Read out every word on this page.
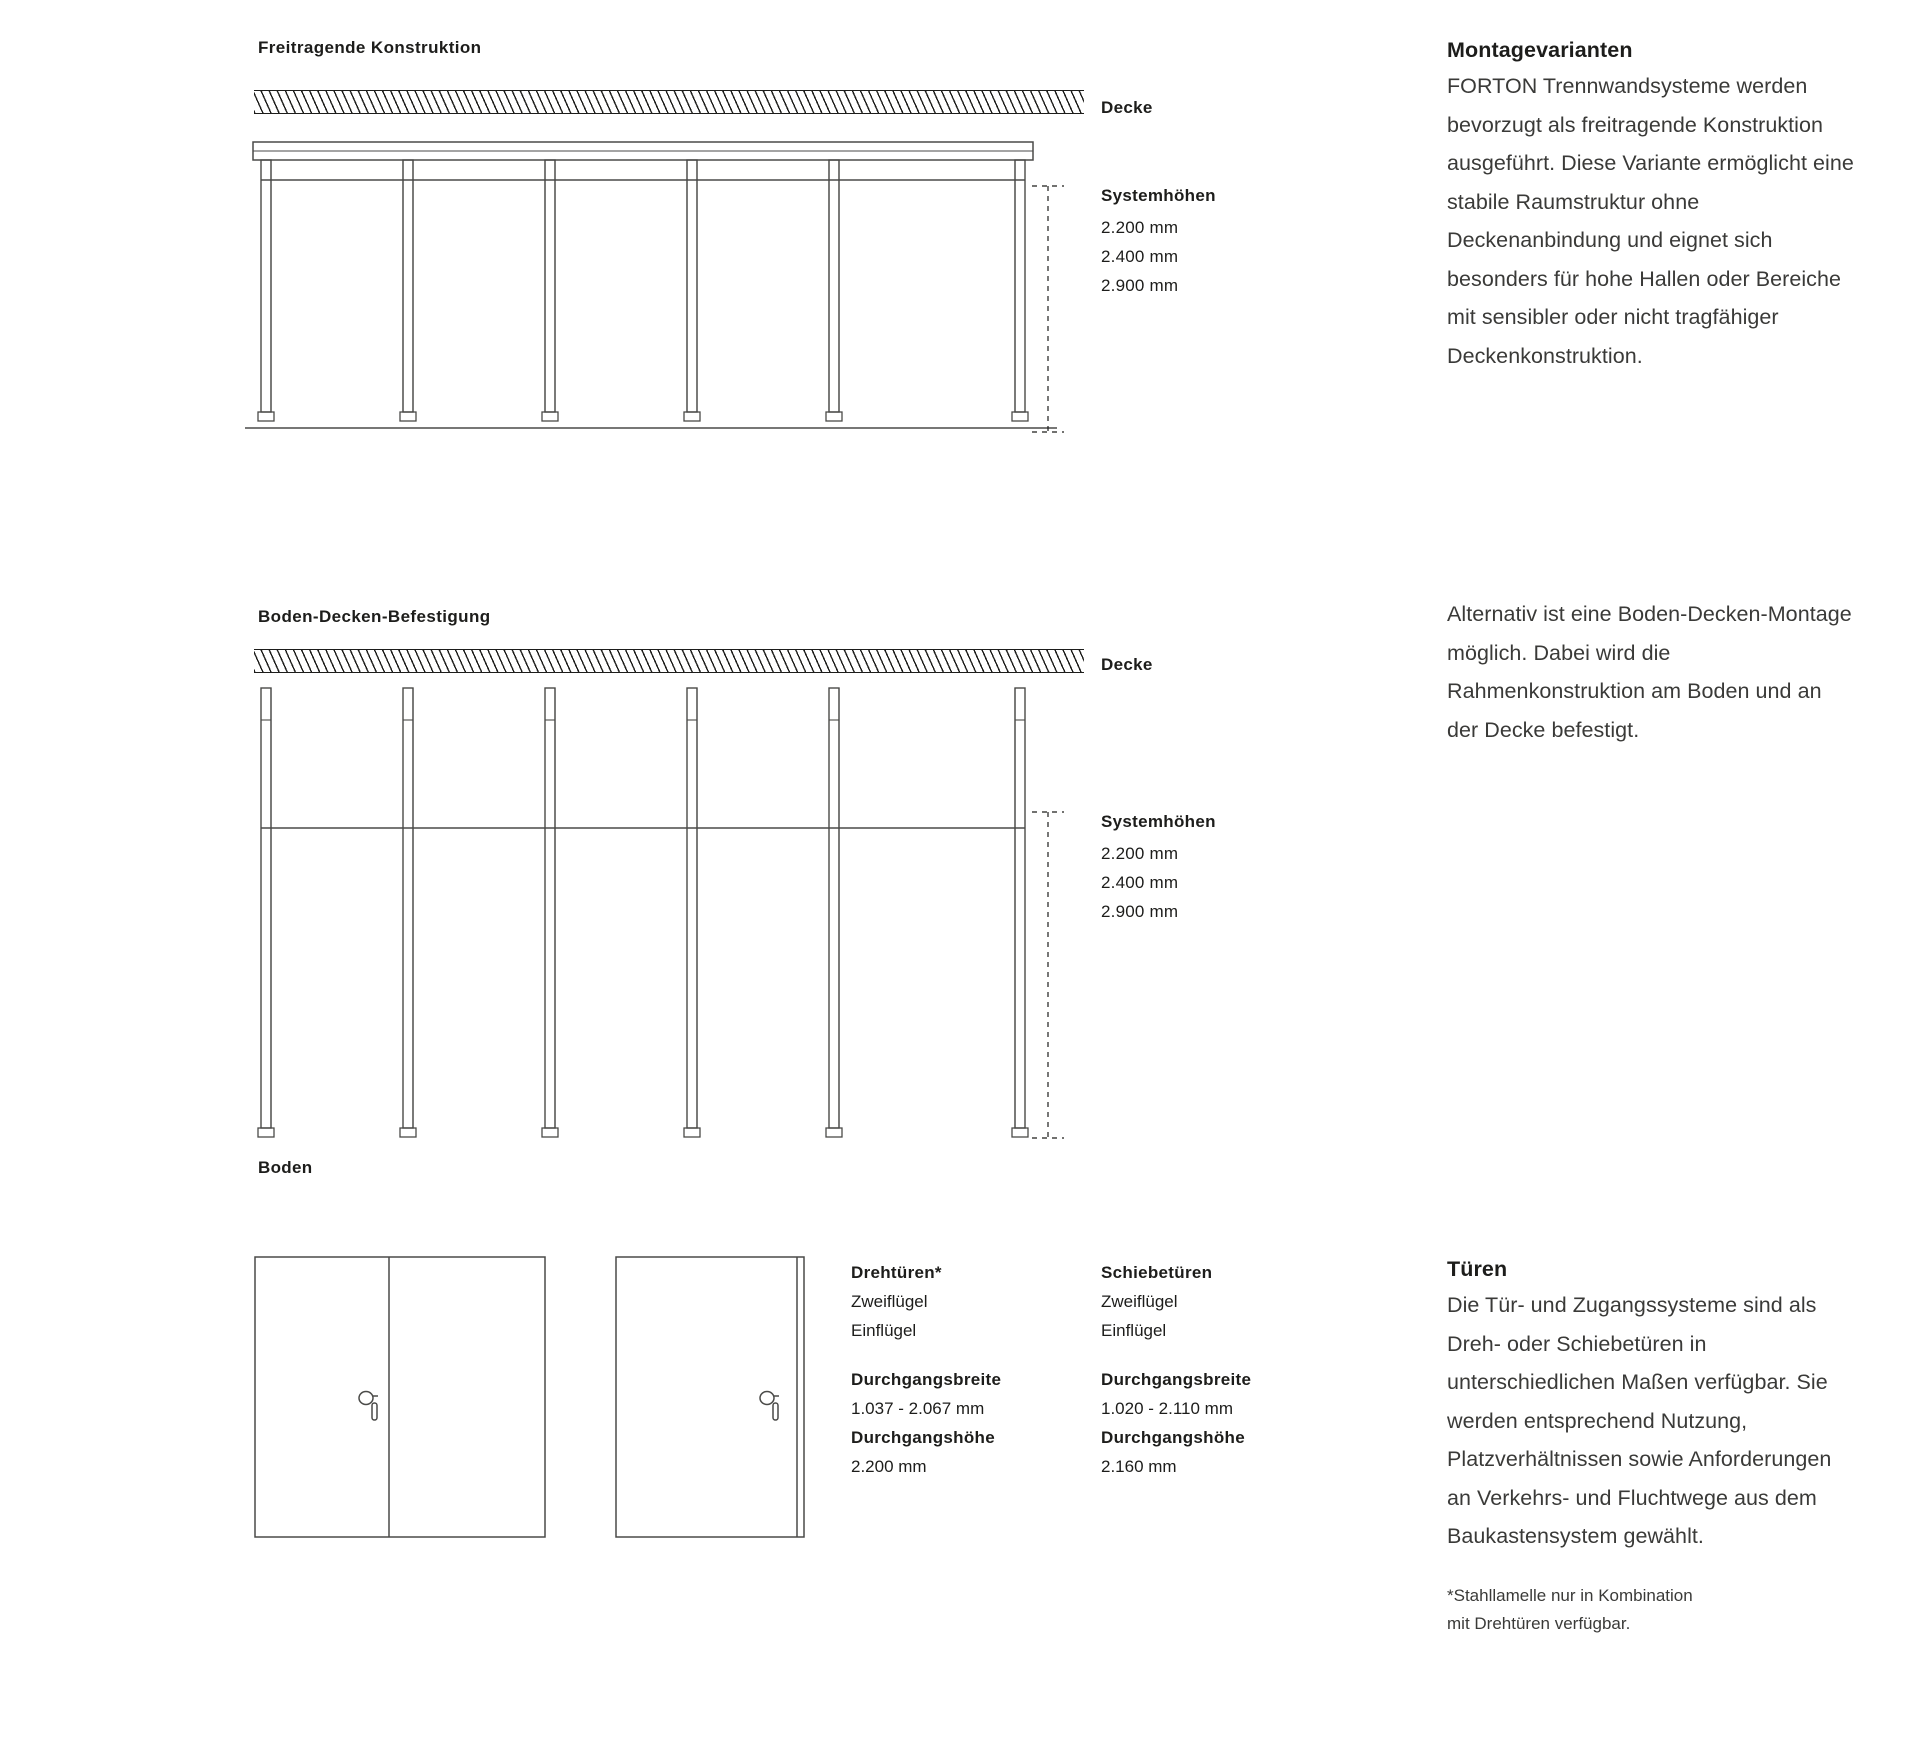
Freitragende Konstruktion
Decke
Systemhöhen
2.200 mm
2.400 mm
2.900 mm
Boden-Decken-Befestigung
Decke
Systemhöhen
2.200 mm
2.400 mm
2.900 mm
Boden
Drehtüren*
Zweiflügel
Einflügel
Durchgangsbreite
1.037 - 2.067 mm
Durchgangshöhe
2.200 mm
Schiebetüren
Zweiflügel
Einflügel
Durchgangsbreite
1.020 - 2.110 mm
Durchgangshöhe
2.160 mm
Montagevarianten
FORTON Trennwandsysteme werden bevorzugt als freitragende Konstruktion ausgeführt. Diese Variante ermöglicht eine stabile Raumstruktur ohne Deckenanbindung und eignet sich besonders für hohe Hallen oder Bereiche mit sensibler oder nicht tragfähiger Deckenkonstruktion.
Alternativ ist eine Boden-Decken-Montage möglich. Dabei wird die Rahmenkonstruktion am Boden und an der Decke befestigt.
Türen
Die Tür- und Zugangssysteme sind als Dreh- oder Schiebetüren in unterschiedlichen Maßen verfügbar. Sie werden entsprechend Nutzung, Platzverhältnissen sowie Anforderungen an Verkehrs- und Fluchtwege aus dem Baukastensystem gewählt.
*Stahllamelle nur in Kombination
mit Drehtüren verfügbar.
